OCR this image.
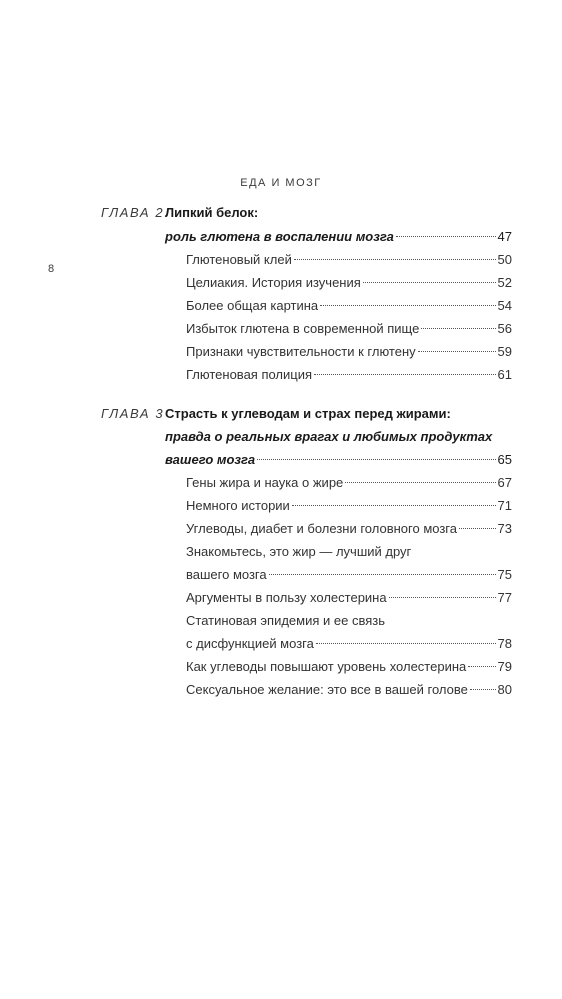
ЕДА И МОЗГ
8
ГЛАВА 2 Липкий белок:
роль глютена в воспалении мозга	47
Глютеновый клей	50
Целиакия. История изучения	52
Более общая картина	54
Избыток глютена в современной пище	56
Признаки чувствительности к глютену	59
Глютеновая полиция	61
ГЛАВА 3 Страсть к углеводам и страх перед жирами:
правда о реальных врагах и любимых продуктах
вашего мозга	65
Гены жира и наука о жире	67
Немного истории	71
Углеводы, диабет и болезни головного мозга	73
Знакомьтесь, это жир — лучший друг
вашего мозга	75
Аргументы в пользу холестерина	77
Статиновая эпидемия и ее связь
с дисфункцией мозга	78
Как углеводы повышают уровень холестерина 79
Сексуальное желание: это все в вашей голове 80
